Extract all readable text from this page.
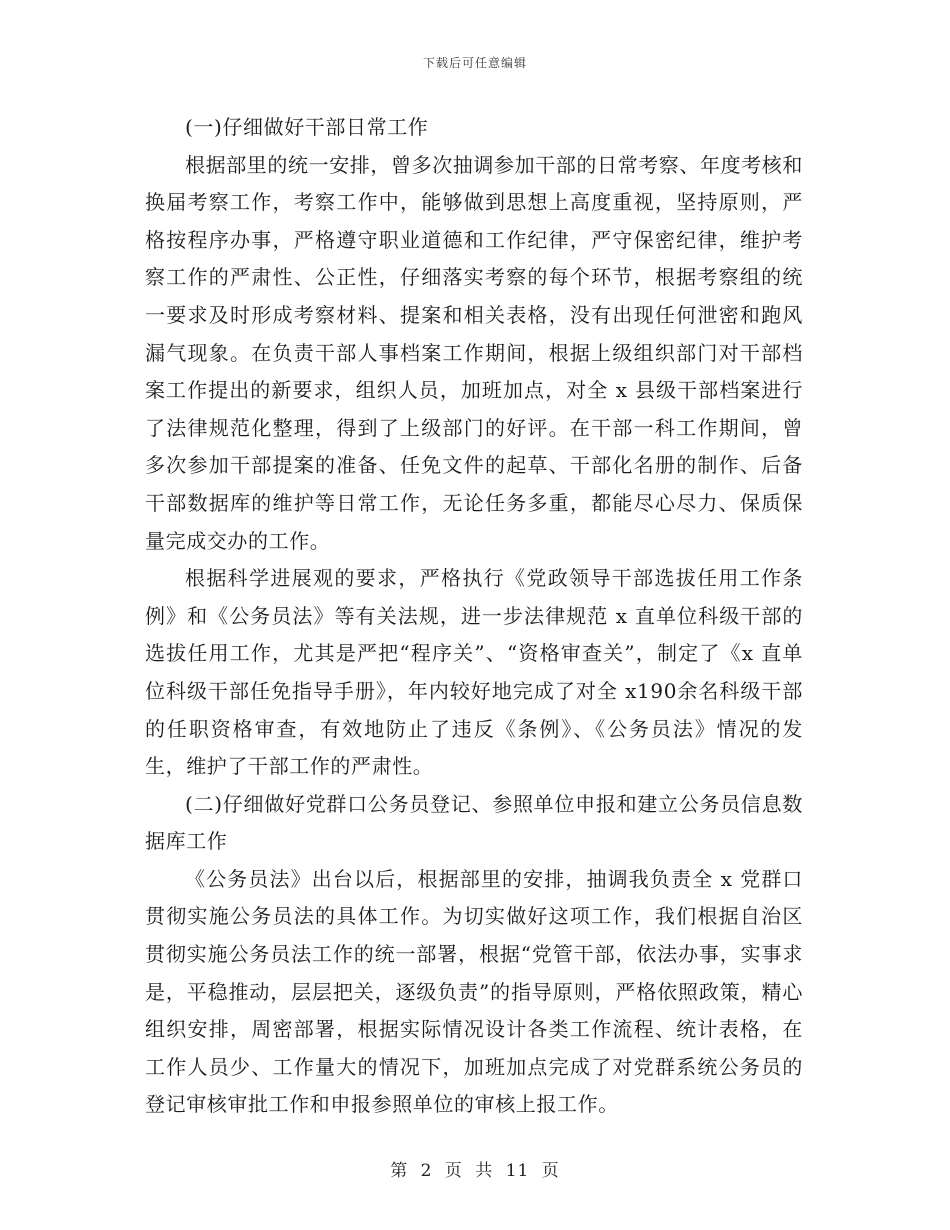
下载后可任意编辑

(一)仔细做好干部日常工作

根据部里的统一安排，曾多次抽调参加干部的日常考察、年度考核和换届考察工作，考察工作中，能够做到思想上高度重视，坚持原则，严格按程序办事，严格遵守职业道德和工作纪律，严守保密纪律，维护考察工作的严肃性、公正性，仔细落实考察的每个环节，根据考察组的统一要求及时形成考察材料、提案和相关表格，没有出现任何泄密和跑风漏气现象。在负责干部人事档案工作期间，根据上级组织部门对干部档案工作提出的新要求，组织人员，加班加点，对全 x 县级干部档案进行了法律规范化整理，得到了上级部门的好评。在干部一科工作期间，曾多次参加干部提案的准备、任免文件的起草、干部化名册的制作、后备干部数据库的维护等日常工作，无论任务多重，都能尽心尽力、保质保量完成交办的工作。

根据科学进展观的要求，严格执行《党政领导干部选拔任用工作条例》和《公务员法》等有关法规，进一步法律规范 x 直单位科级干部的选拔任用工作，尤其是严把“程序关”、“资格审查关”，制定了《x 直单位科级干部任免指导手册》，年内较好地完成了对全 x190余名科级干部的任职资格审查，有效地防止了违反《条例》、《公务员法》情况的发生，维护了干部工作的严肃性。

(二)仔细做好党群口公务员登记、参照单位申报和建立公务员信息数据库工作

《公务员法》出台以后，根据部里的安排，抽调我负责全 x 党群口贯彻实施公务员法的具体工作。为切实做好这项工作，我们根据自治区贯彻实施公务员法工作的统一部署，根据“党管干部，依法办事，实事求是，平稳推动，层层把关，逐级负责”的指导原则，严格依照政策，精心组织安排，周密部署，根据实际情况设计各类工作流程、统计表格，在工作人员少、工作量大的情况下，加班加点完成了对党群系统公务员的登记审核审批工作和申报参照单位的审核上报工作。

第 2 页 共 11 页
